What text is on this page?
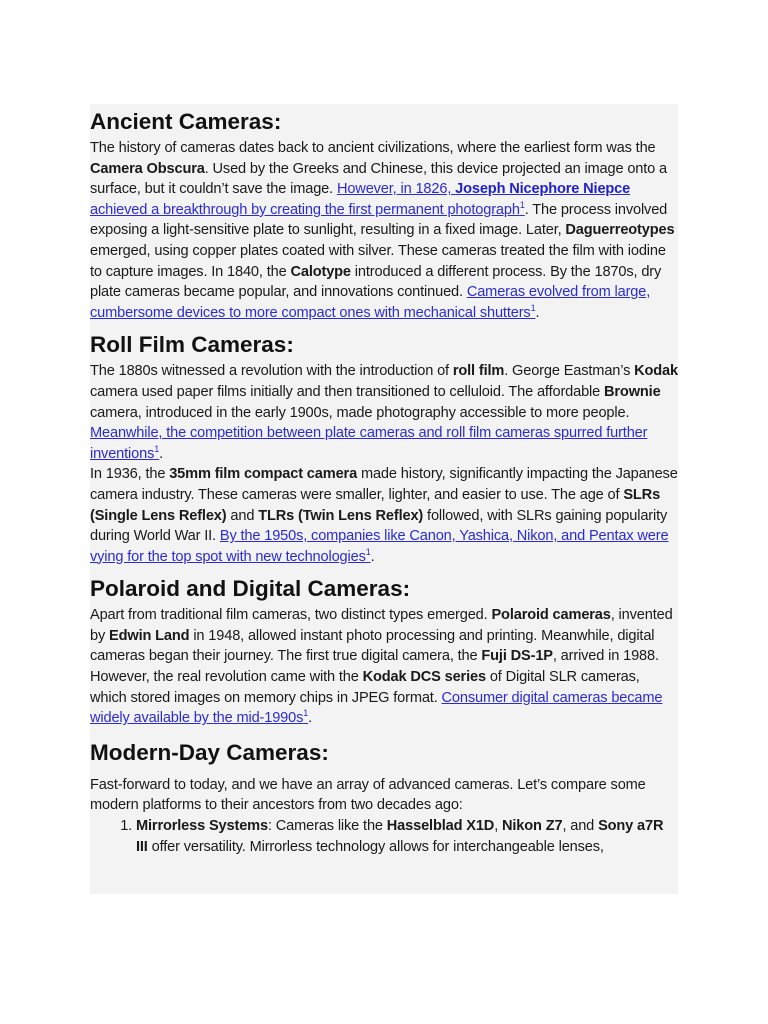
Ancient Cameras:

The history of cameras dates back to ancient civilizations, where the earliest form was the Camera Obscura. Used by the Greeks and Chinese, this device projected an image onto a surface, but it couldn’t save the image. However, in 1826, Joseph Nicephore Niepce achieved a breakthrough by creating the first permanent photograph$^1$. The process involved exposing a light-sensitive plate to sunlight, resulting in a fixed image. Later, Daguerreotypes emerged, using copper plates coated with silver. These cameras treated the film with iodine to capture images. In 1840, the Calotype introduced a different process. By the 1870s, dry plate cameras became popular, and innovations continued. Cameras evolved from large, cumbersome devices to more compact ones with mechanical shutters$^1$.

Roll Film Cameras:

The 1880s witnessed a revolution with the introduction of roll film. George Eastman’s Kodak camera used paper films initially and then transitioned to celluloid. The affordable Brownie camera, introduced in the early 1900s, made photography accessible to more people. Meanwhile, the competition between plate cameras and roll film cameras spurred further inventions$^1$.

In 1936, the 35mm film compact camera made history, significantly impacting the Japanese camera industry. These cameras were smaller, lighter, and easier to use. The age of SLRs (Single Lens Reflex) and TLRs (Twin Lens Reflex) followed, with SLRs gaining popularity during World War II. By the 1950s, companies like Canon, Yashica, Nikon, and Pentax were vying for the top spot with new technologies$^1$.

Polaroid and Digital Cameras:

Apart from traditional film cameras, two distinct types emerged. Polaroid cameras, invented by Edwin Land in 1948, allowed instant photo processing and printing. Meanwhile, digital cameras began their journey. The first true digital camera, the Fuji DS-1P, arrived in 1988. However, the real revolution came with the Kodak DCS series of Digital SLR cameras, which stored images on memory chips in JPEG format. Consumer digital cameras became widely available by the mid-1990s$^1$.

Modern-Day Cameras:

Fast-forward to today, and we have an array of advanced cameras. Let’s compare some modern platforms to their ancestors from two decades ago:

1. Mirrorless Systems: Cameras like the Hasselblad X1D, Nikon Z7, and Sony a7R III offer versatility. Mirrorless technology allows for interchangeable lenses,
